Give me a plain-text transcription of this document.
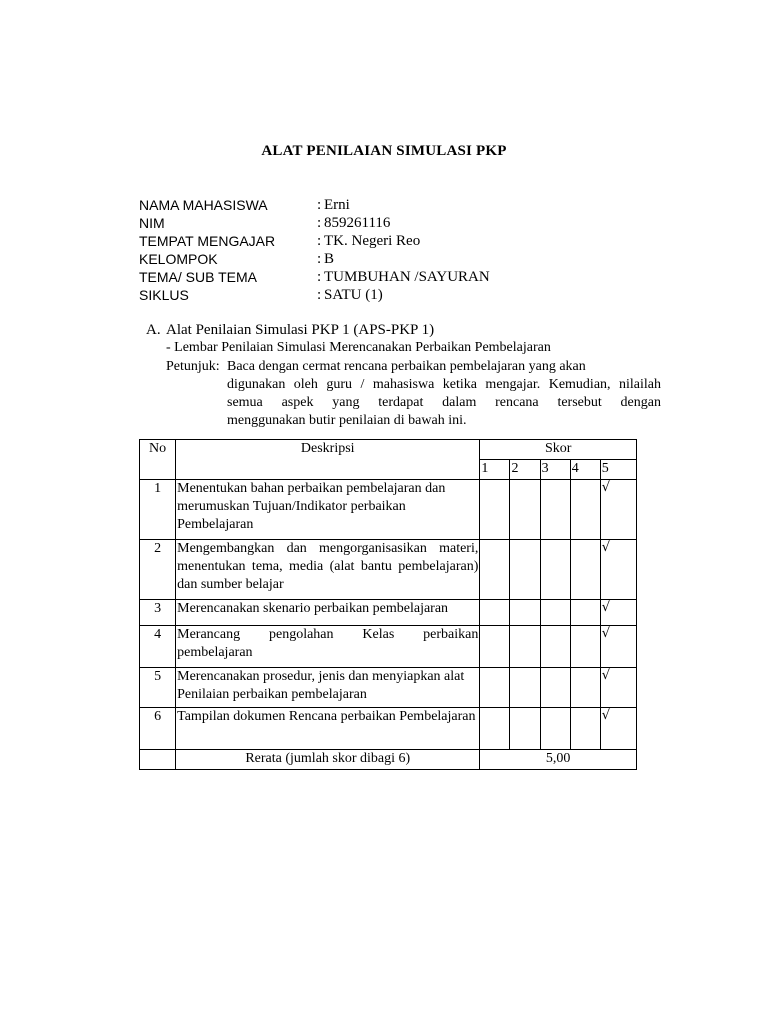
ALAT PENILAIAN SIMULASI PKP
NAMA MAHASISWA	: Erni
NIM	: 859261116
TEMPAT MENGAJAR	: TK. Negeri Reo
KELOMPOK	: B
TEMA/ SUB TEMA	: TUMBUHAN /SAYURAN
SIKLUS	: SATU (1)
A. Alat Penilaian Simulasi PKP 1 (APS-PKP 1)
- Lembar Penilaian Simulasi Merencanakan Perbaikan Pembelajaran
Petunjuk: Baca dengan cermat rencana perbaikan pembelajaran yang akan
digunakan oleh guru / mahasiswa ketika mengajar. Kemudian, nilailah
semua aspek yang terdapat dalam rencana tersebut dengan
menggunakan butir penilaian di bawah ini.
No	Deskripsi	Skor				
		1	2	3	4	5
1	Menentukan bahan perbaikan pembelajaran dan merumuskan Tujuan/Indikator perbaikan Pembelajaran					√
2	Mengembangkan dan mengorganisasikan materi, menentukan tema, media (alat bantu pembelajaran) dan sumber belajar					√
3	Merencanakan skenario perbaikan pembelajaran					√
4	Merancang pengolahan Kelas perbaikan pembelajaran					√
5	Merencanakan prosedur, jenis dan menyiapkan alat Penilaian perbaikan pembelajaran					√
6	Tampilan dokumen Rencana perbaikan Pembelajaran					√
	Rerata (jumlah skor dibagi 6)	5,00				
